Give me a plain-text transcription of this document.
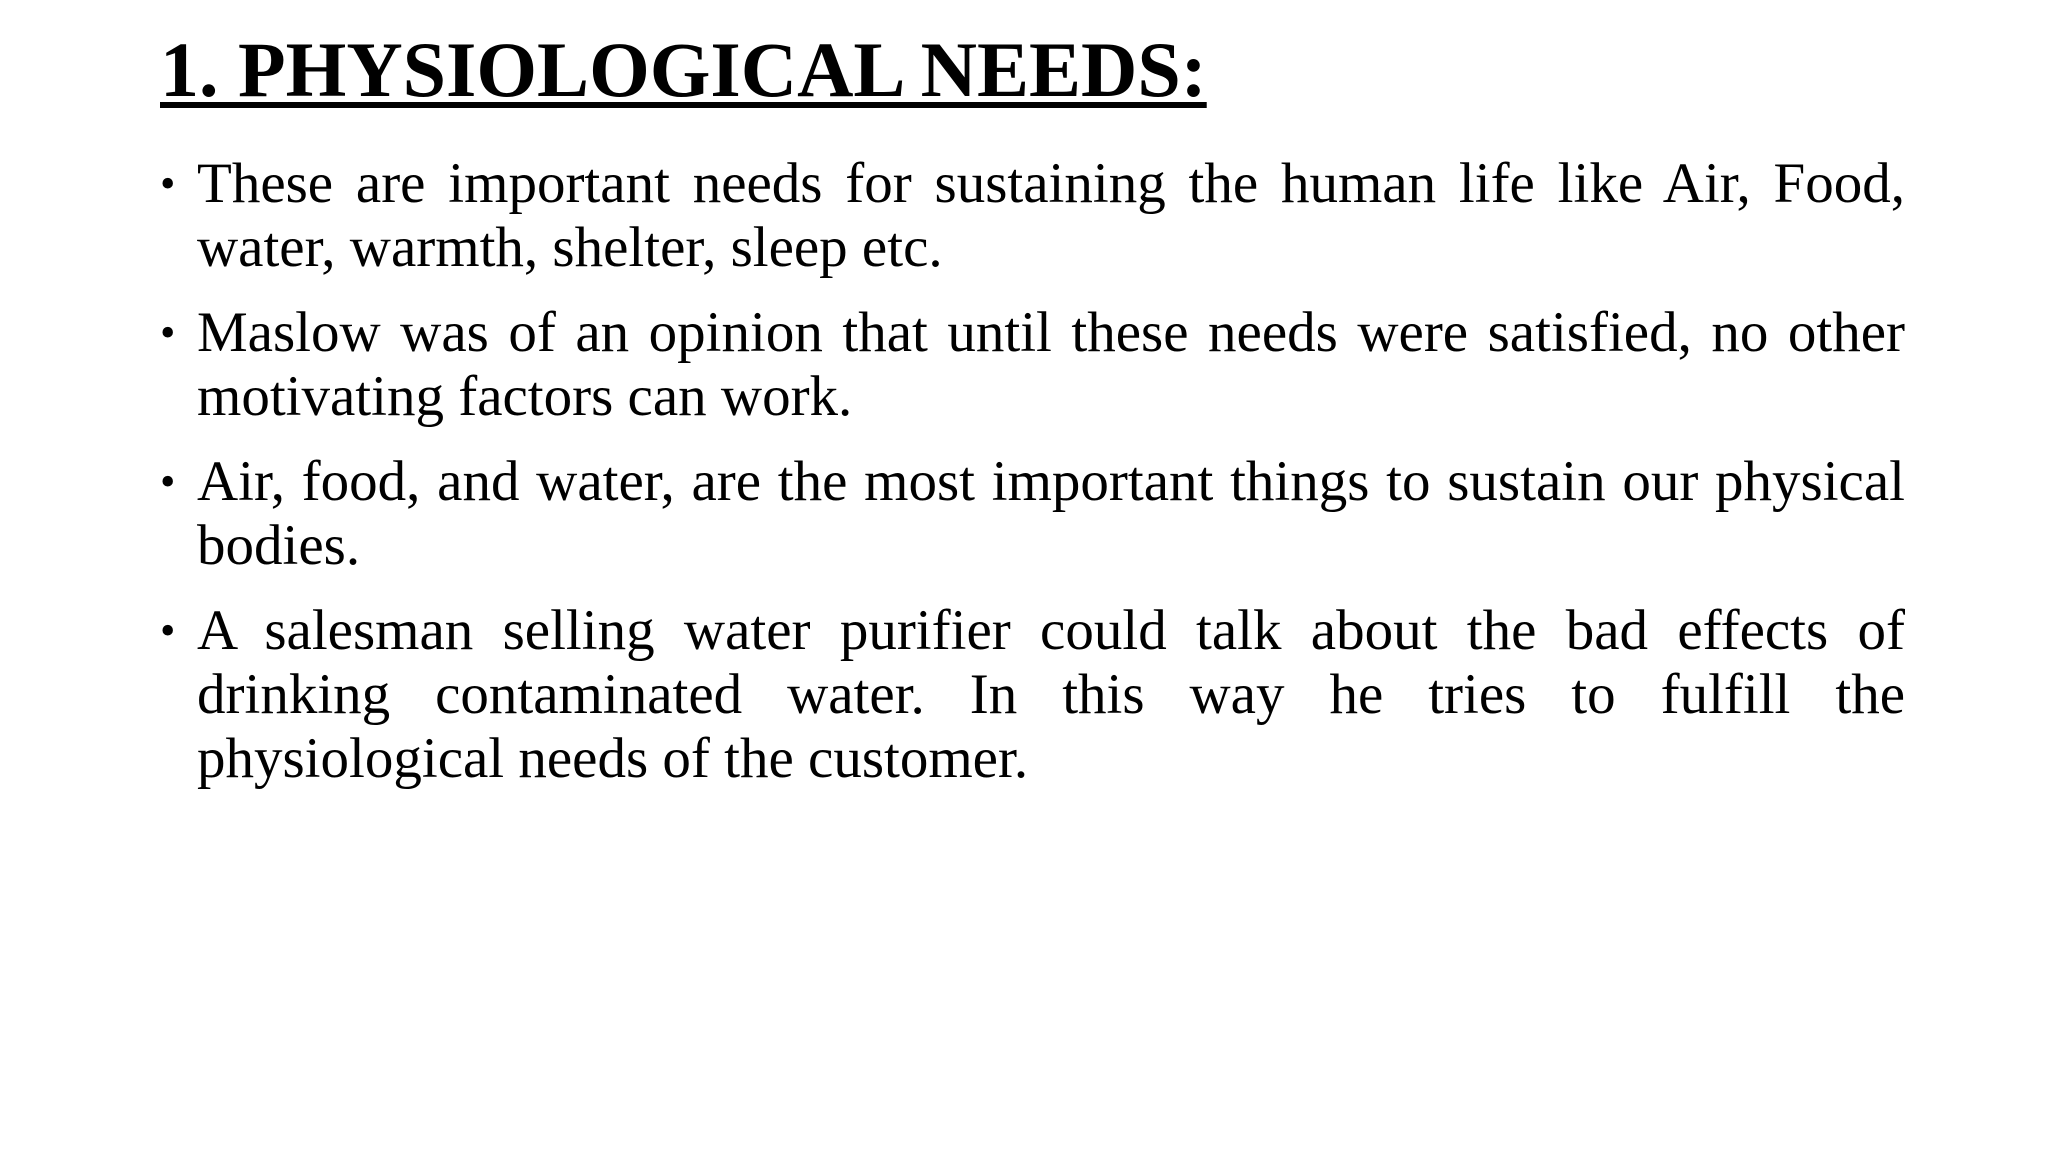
1. PHYSIOLOGICAL NEEDS:
• These are important needs for sustaining the human life like Air, Food, water, warmth, shelter, sleep etc.
• Maslow was of an opinion that until these needs were satisfied, no other motivating factors can work.
• Air, food, and water, are the most important things to sustain our physical bodies.
• A salesman selling water purifier could talk about the bad effects of drinking contaminated water. In this way he tries to fulfill the physiological needs of the customer.
